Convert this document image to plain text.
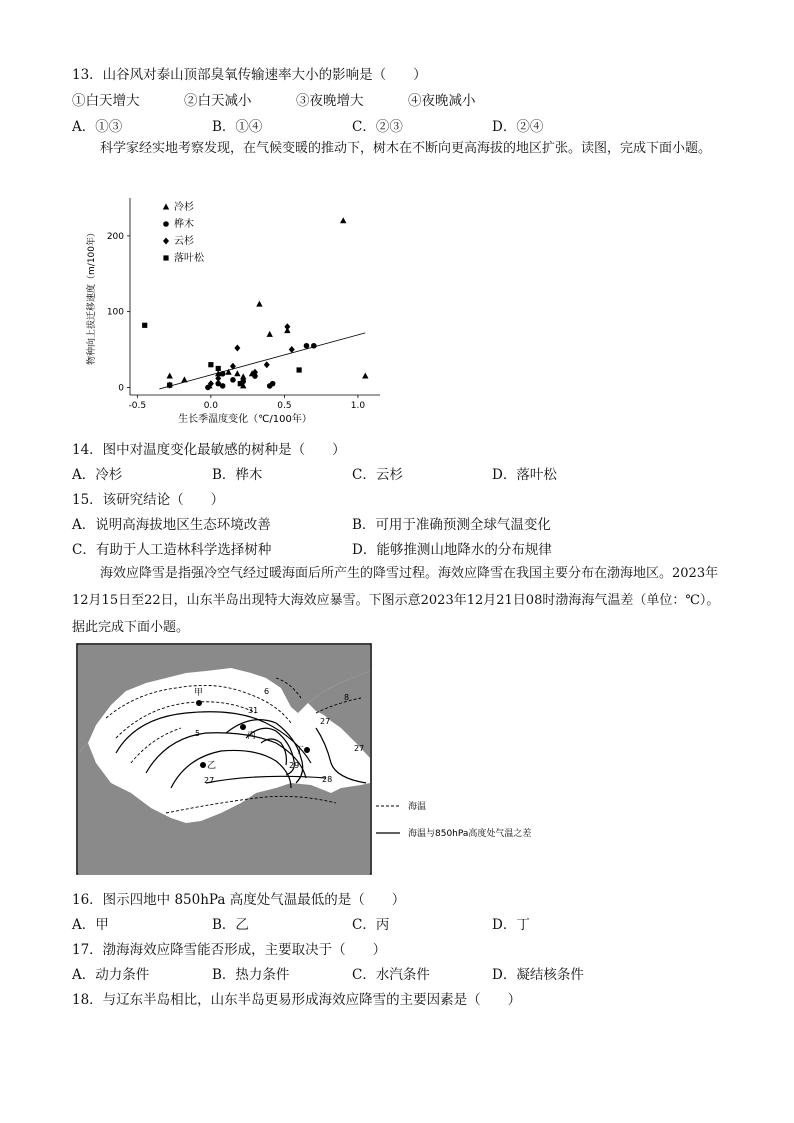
13．山谷风对泰山顶部臭氧传输速率大小的影响是（　　）
①白天增大	②白天减小	③夜晚增大	④夜晚减小
A．①③	B．①④	C．②③	D．②④
科学家经实地考察发现，在气候变暖的推动下，树木在不断向更高海拔的地区扩张。读图，完成下面小题。
-0.5	0.0	0.5	1.0
0
100
200
生长季温度变化（℃/100年）
物种向上拔迁移速度（m/100年）
冷杉
桦木
云杉
落叶松
14．图中对温度变化最敏感的树种是（　　）
A．冷杉	B．桦木	C．云杉	D．落叶松
15．该研究结论（　　）
A．说明高海拔地区生态环境改善	B．可用于准确预测全球气温变化
C．有助于人工造林科学选择树种	D．能够推测山地降水的分布规律
海效应降雪是指强冷空气经过暖海面后所产生的降雪过程。海效应降雪在我国主要分布在渤海地区。2023年12月15日至22日，山东半岛出现特大海效应暴雪。下图示意2023年12月21日08时渤海海气温差（单位：℃）。据此完成下面小题。
甲
乙
丙
丁
6
8
31
27
29
28
27
5
27
海温
海温与850hPa高度处气温之差
16．图示四地中 850hPa 高度处气温最低的是（　　）
A．甲	B．乙	C．丙	D．丁
17．渤海海效应降雪能否形成，主要取决于（　　）
A．动力条件	B．热力条件	C．水汽条件	D．凝结核条件
18．与辽东半岛相比，山东半岛更易形成海效应降雪的主要因素是（　　）
